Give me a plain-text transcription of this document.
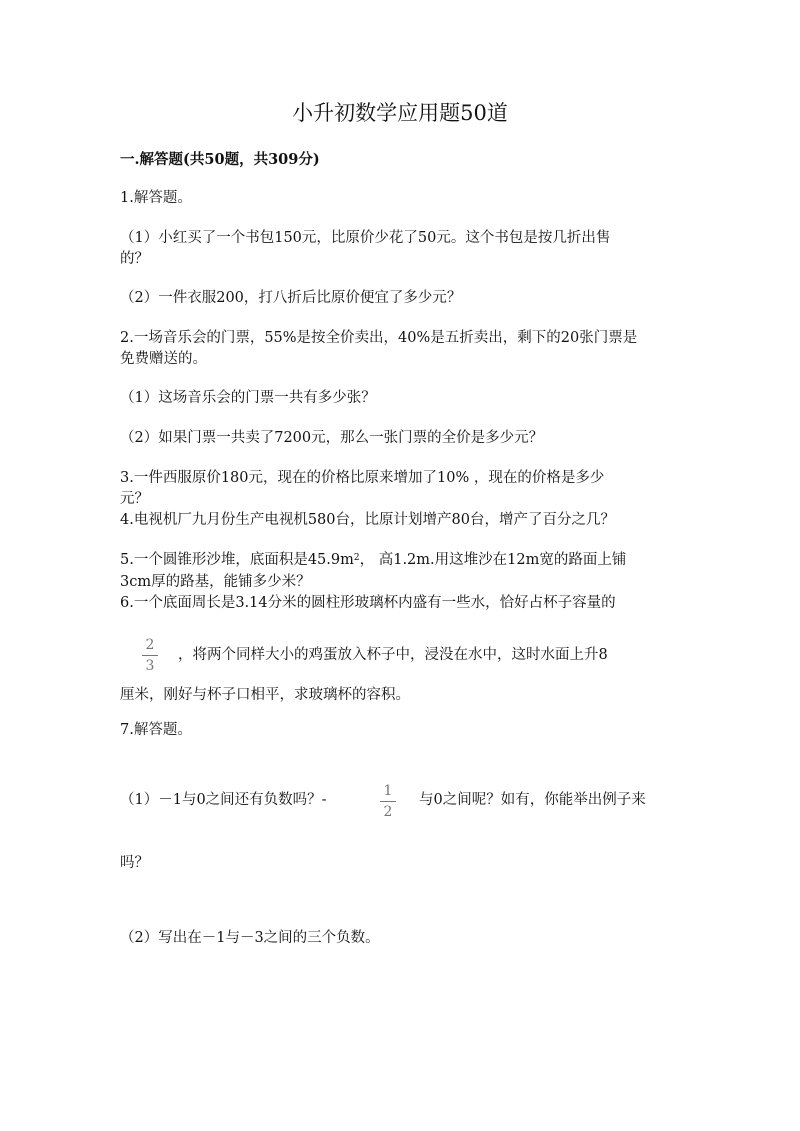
小升初数学应用题50道
一.解答题(共50题，共309分)
1.解答题。
（1）小红买了一个书包150元，比原价少花了50元。这个书包是按几折出售
的？
（2）一件衣服200，打八折后比原价便宜了多少元？
2.一场音乐会的门票，55%是按全价卖出，40%是五折卖出，剩下的20张门票是
免费赠送的。
（1）这场音乐会的门票一共有多少张？
（2）如果门票一共卖了7200元，那么一张门票的全价是多少元？
3.一件西服原价180元，现在的价格比原来增加了10% ，现在的价格是多少
元？
4.电视机厂九月份生产电视机580台，比原计划增产80台，增产了百分之几？
5.一个圆锥形沙堆，底面积是$45.9m^2$， 高1.2m.用这堆沙在12m宽的路面上铺
3cm厚的路基，能铺多少米？
6.一个底面周长是3.14分米的圆柱形玻璃杯内盛有一些水，恰好占杯子容量的
2
3
，将两个同样大小的鸡蛋放入杯子中，浸没在水中，这时水面上升8
厘米，刚好与杯子口相平，求玻璃杯的容积。
7.解答题。
（1）－1与0之间还有负数吗？-
1
2
与0之间呢？如有，你能举出例子来
吗？
（2）写出在－1与－3之间的三个负数。
